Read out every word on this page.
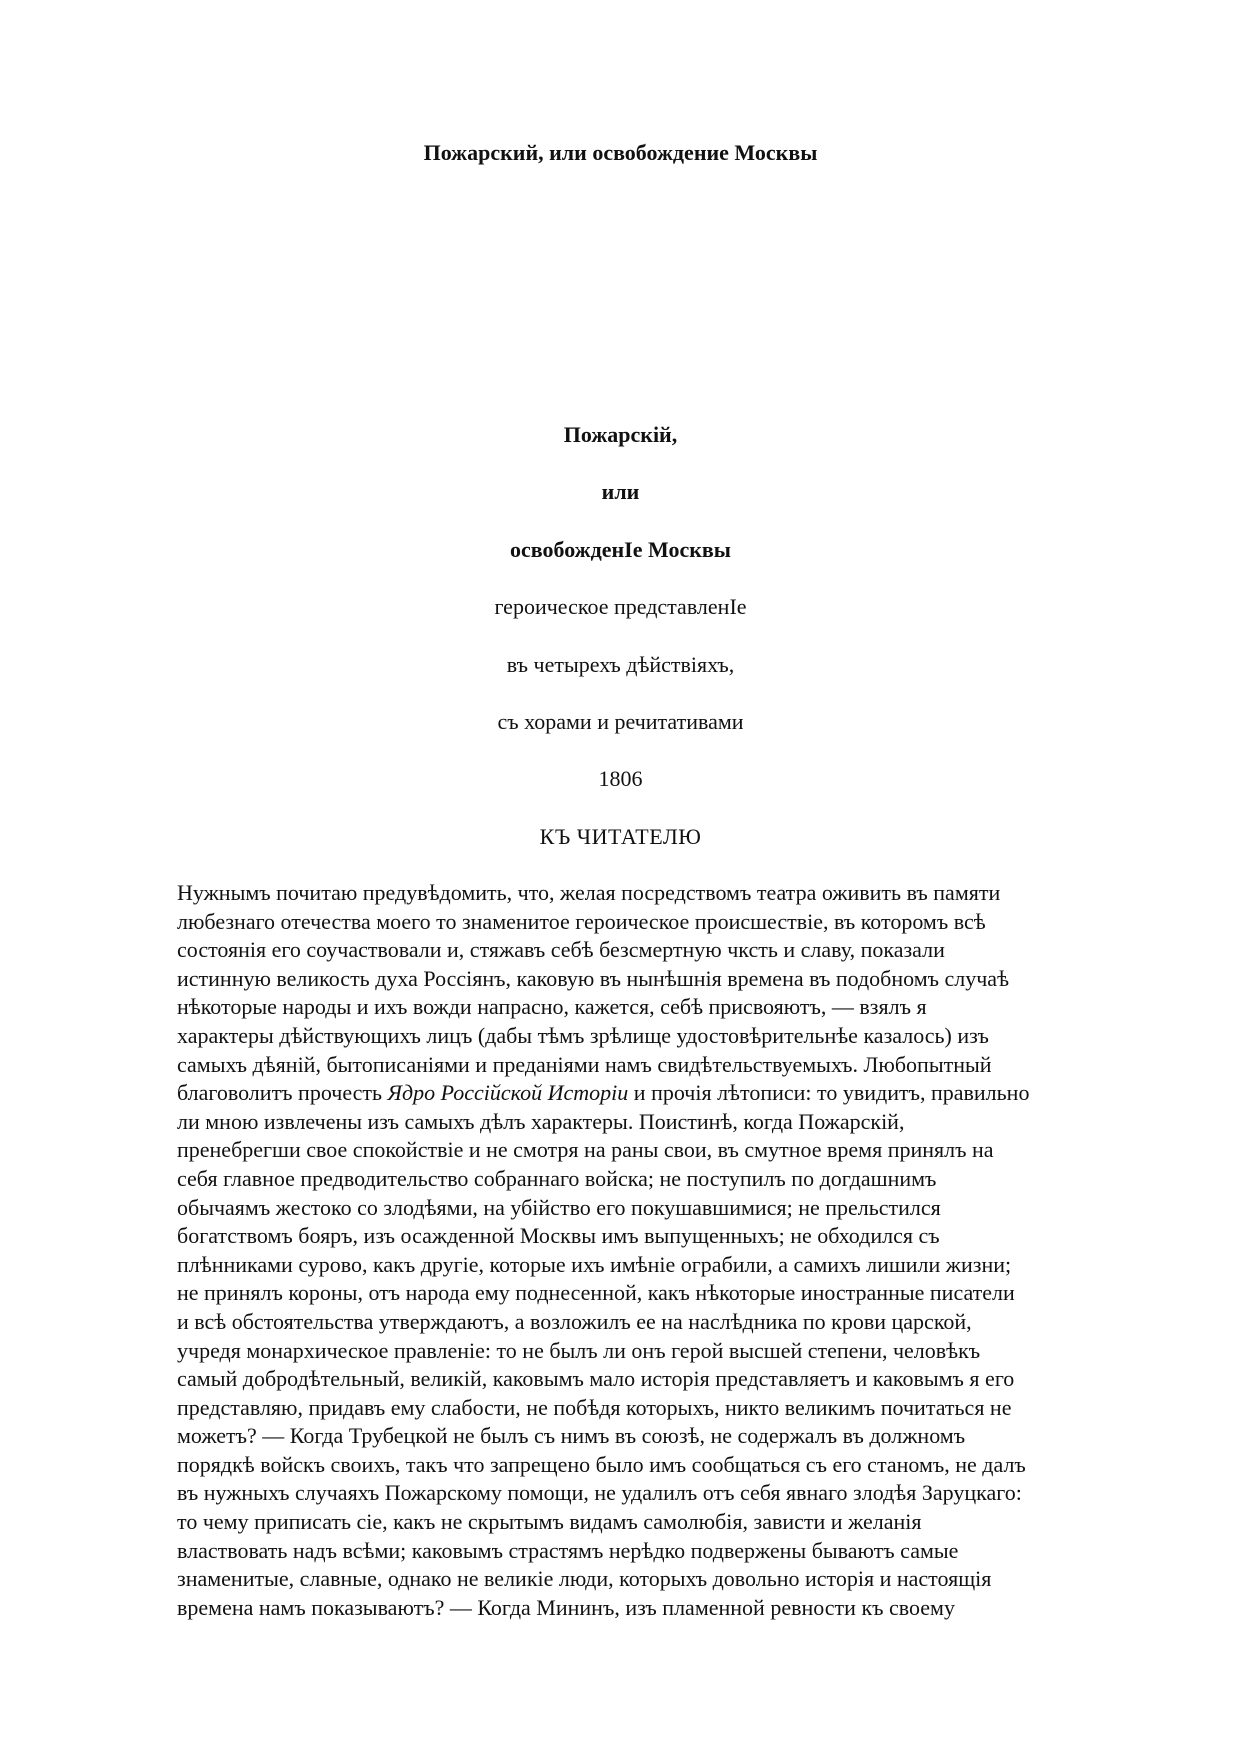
Пожарский, или освобождение Москвы
Пожарскій,
или
освобожденІе Москвы
героическое представленІе
въ четырехъ дѣйствіяхъ,
съ хорами и речитативами
1806
КЪ ЧИТАТЕЛЮ
Нужнымъ почитаю предувѣдомить, что, желая посредствомъ театра оживить въ памяти
любезнаго отечества моего то знаменитое героическое происшествіе, въ которомъ всѣ
состоянія его соучаствовали и, стяжавъ себѣ безсмертную чксть и славу, показали
истинную великость духа Россіянъ, каковую въ нынѣшнія времена въ подобномъ случаѣ
нѣкоторые народы и ихъ вожди напрасно, кажется, себѣ присвояютъ, — взялъ я
характеры дѣйствующихъ лицъ (дабы тѣмъ зрѣлище удостовѣрительнѣе казалось) изъ
самыхъ дѣяній, бытописаніями и преданіями намъ свидѣтельствуемыхъ. Любопытный
благоволитъ прочесть Ядро Россійской Исторіи и прочія лѣтописи: то увидитъ, правильно
ли мною извлечены изъ самыхъ дѣлъ характеры. Поистинѣ, когда Пожарскій,
пренебрегши свое спокойствіе и не смотря на раны свои, въ смутное время принялъ на
себя главное предводительство собраннаго войска; не поступилъ по догдашнимъ
обычаямъ жестоко со злодѣями, на убійство его покушавшимися; не прельстился
богатствомъ бояръ, изъ осажденной Москвы имъ выпущенныхъ; не обходился съ
плѣнниками сурово, какъ другіе, которые ихъ имѣніе ограбили, а самихъ лишили жизни;
не принялъ короны, отъ народа ему поднесенной, какъ нѣкоторые иностранные писатели
и всѣ обстоятельства утверждаютъ, а возложилъ ее на наслѣдника по крови царской,
учредя монархическое правленіе: то не былъ ли онъ герой высшей степени, человѣкъ
самый добродѣтельный, великій, каковымъ мало исторія представляетъ и каковымъ я его
представляю, придавъ ему слабости, не побѣдя которыхъ, никто великимъ почитаться не
можетъ? — Когда Трубецкой не былъ съ нимъ въ союзѣ, не содержалъ въ должномъ
порядкѣ войскъ своихъ, такъ что запрещено было имъ сообщаться съ его станомъ, не далъ
въ нужныхъ случаяхъ Пожарскому помощи, не удалилъ отъ себя явнаго злодѣя Заруцкаго:
то чему приписать сіе, какъ не скрытымъ видамъ самолюбія, зависти и желанія
властвовать надъ всѣми; каковымъ страстямъ нерѣдко подвержены бываютъ самые
знаменитые, славные, однако не великіе люди, которыхъ довольно исторія и настоящія
времена намъ показываютъ? — Когда Mининъ, изъ пламенной ревности къ своему
